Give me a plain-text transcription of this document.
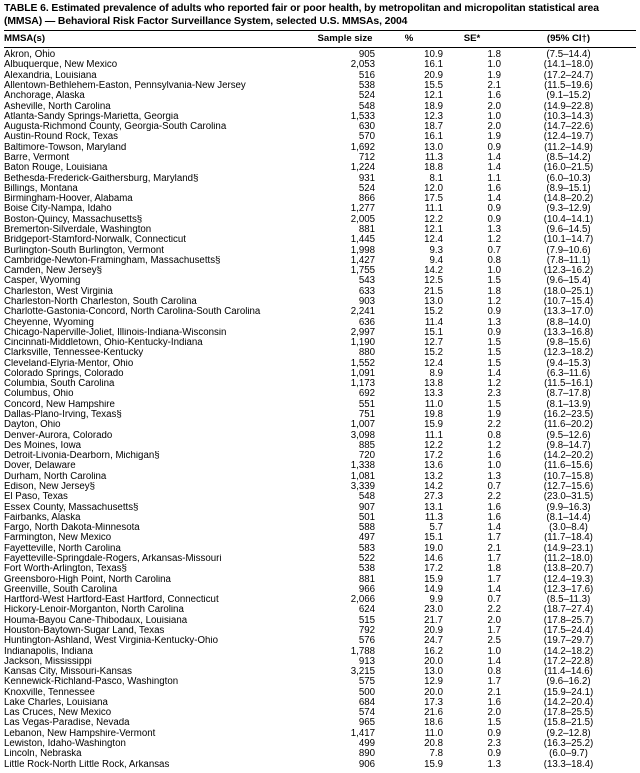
TABLE 6. Estimated prevalence of adults who reported fair or poor health, by metropolitan and micropolitan statistical area (MMSA) — Behavioral Risk Factor Surveillance System, selected U.S. MMSAs, 2004
MMSA(s)	Sample size	%	SE*	(95% CI†)
Akron, Ohio	905	10.9	1.8	(7.5–14.4)
Albuquerque, New Mexico	2,053	16.1	1.0	(14.1–18.0)
Alexandria, Louisiana	516	20.9	1.9	(17.2–24.7)
Allentown-Bethlehem-Easton, Pennsylvania-New Jersey	538	15.5	2.1	(11.5–19.6)
Anchorage, Alaska	524	12.1	1.6	(9.1–15.2)
Asheville, North Carolina	548	18.9	2.0	(14.9–22.8)
Atlanta-Sandy Springs-Marietta, Georgia	1,533	12.3	1.0	(10.3–14.3)
Augusta-Richmond County, Georgia-South Carolina	630	18.7	2.0	(14.7–22.6)
Austin-Round Rock, Texas	570	16.1	1.9	(12.4–19.7)
Baltimore-Towson, Maryland	1,692	13.0	0.9	(11.2–14.9)
Barre, Vermont	712	11.3	1.4	(8.5–14.2)
Baton Rouge, Louisiana	1,224	18.8	1.4	(16.0–21.5)
Bethesda-Frederick-Gaithersburg, Maryland§	931	8.1	1.1	(6.0–10.3)
Billings, Montana	524	12.0	1.6	(8.9–15.1)
Birmingham-Hoover, Alabama	866	17.5	1.4	(14.8–20.2)
Boise City-Nampa, Idaho	1,277	11.1	0.9	(9.3–12.9)
Boston-Quincy, Massachusetts§	2,005	12.2	0.9	(10.4–14.1)
Bremerton-Silverdale, Washington	881	12.1	1.3	(9.6–14.5)
Bridgeport-Stamford-Norwalk, Connecticut	1,445	12.4	1.2	(10.1–14.7)
Burlington-South Burlington, Vermont	1,998	9.3	0.7	(7.9–10.6)
Cambridge-Newton-Framingham, Massachusetts§	1,427	9.4	0.8	(7.8–11.1)
Camden, New Jersey§	1,755	14.2	1.0	(12.3–16.2)
Casper, Wyoming	543	12.5	1.5	(9.6–15.4)
Charleston, West Virginia	633	21.5	1.8	(18.0–25.1)
Charleston-North Charleston, South Carolina	903	13.0	1.2	(10.7–15.4)
Charlotte-Gastonia-Concord, North Carolina-South Carolina	2,241	15.2	0.9	(13.3–17.0)
Cheyenne, Wyoming	636	11.4	1.3	(8.8–14.0)
Chicago-Naperville-Joliet, Illinois-Indiana-Wisconsin	2,997	15.1	0.9	(13.3–16.8)
Cincinnati-Middletown, Ohio-Kentucky-Indiana	1,190	12.7	1.5	(9.8–15.6)
Clarksville, Tennessee-Kentucky	880	15.2	1.5	(12.3–18.2)
Cleveland-Elyria-Mentor, Ohio	1,552	12.4	1.5	(9.4–15.3)
Colorado Springs, Colorado	1,091	8.9	1.4	(6.3–11.6)
Columbia, South Carolina	1,173	13.8	1.2	(11.5–16.1)
Columbus, Ohio	692	13.3	2.3	(8.7–17.8)
Concord, New Hampshire	551	11.0	1.5	(8.1–13.9)
Dallas-Plano-Irving, Texas§	751	19.8	1.9	(16.2–23.5)
Dayton, Ohio	1,007	15.9	2.2	(11.6–20.2)
Denver-Aurora, Colorado	3,098	11.1	0.8	(9.5–12.6)
Des Moines, Iowa	885	12.2	1.2	(9.8–14.7)
Detroit-Livonia-Dearborn, Michigan§	720	17.2	1.6	(14.2–20.2)
Dover, Delaware	1,338	13.6	1.0	(11.6–15.6)
Durham, North Carolina	1,081	13.2	1.3	(10.7–15.8)
Edison, New Jersey§	3,339	14.2	0.7	(12.7–15.6)
El Paso, Texas	548	27.3	2.2	(23.0–31.5)
Essex County, Massachusetts§	907	13.1	1.6	(9.9–16.3)
Fairbanks, Alaska	501	11.3	1.6	(8.1–14.4)
Fargo, North Dakota-Minnesota	588	5.7	1.4	(3.0–8.4)
Farmington, New Mexico	497	15.1	1.7	(11.7–18.4)
Fayetteville, North Carolina	583	19.0	2.1	(14.9–23.1)
Fayetteville-Springdale-Rogers, Arkansas-Missouri	522	14.6	1.7	(11.2–18.0)
Fort Worth-Arlington, Texas§	538	17.2	1.8	(13.8–20.7)
Greensboro-High Point, North Carolina	881	15.9	1.7	(12.4–19.3)
Greenville, South Carolina	966	14.9	1.4	(12.3–17.6)
Hartford-West Hartford-East Hartford, Connecticut	2,066	9.9	0.7	(8.5–11.3)
Hickory-Lenoir-Morganton, North Carolina	624	23.0	2.2	(18.7–27.4)
Houma-Bayou Cane-Thibodaux, Louisiana	515	21.7	2.0	(17.8–25.7)
Houston-Baytown-Sugar Land, Texas	792	20.9	1.7	(17.5–24.4)
Huntington-Ashland, West Virginia-Kentucky-Ohio	576	24.7	2.5	(19.7–29.7)
Indianapolis, Indiana	1,788	16.2	1.0	(14.2–18.2)
Jackson, Mississippi	913	20.0	1.4	(17.2–22.8)
Kansas City, Missouri-Kansas	3,215	13.0	0.8	(11.4–14.6)
Kennewick-Richland-Pasco, Washington	575	12.9	1.7	(9.6–16.2)
Knoxville, Tennessee	500	20.0	2.1	(15.9–24.1)
Lake Charles, Louisiana	684	17.3	1.6	(14.2–20.4)
Las Cruces, New Mexico	574	21.6	2.0	(17.8–25.5)
Las Vegas-Paradise, Nevada	965	18.6	1.5	(15.8–21.5)
Lebanon, New Hampshire-Vermont	1,417	11.0	0.9	(9.2–12.8)
Lewiston, Idaho-Washington	499	20.8	2.3	(16.3–25.2)
Lincoln, Nebraska	890	7.8	0.9	(6.0–9.7)
Little Rock-North Little Rock, Arkansas	906	15.9	1.3	(13.3–18.4)
